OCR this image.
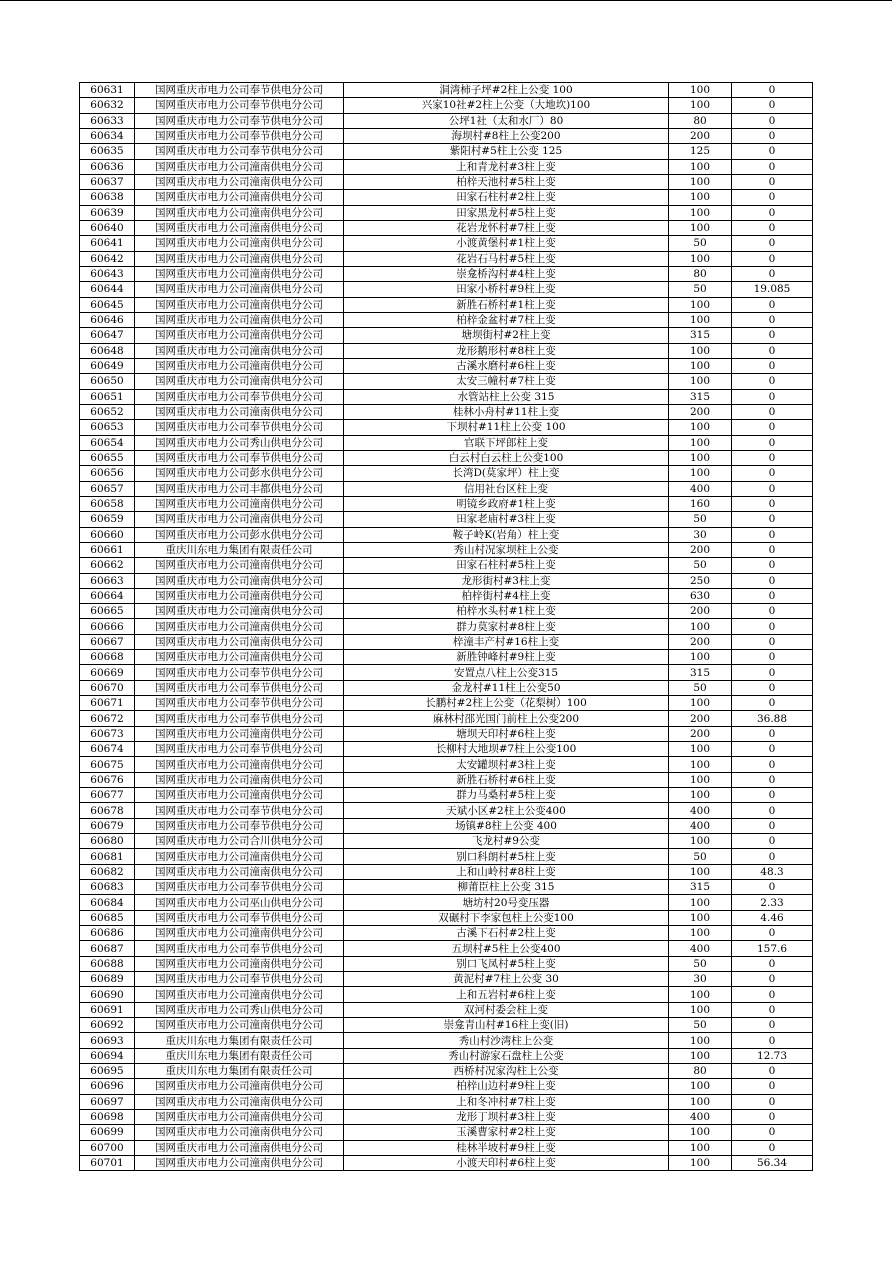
60631	国网重庆市电力公司奉节供电分公司	洞湾柿子坪#2柱上公变 100	100	0
60632	国网重庆市电力公司奉节供电分公司	兴家10社#2柱上公变（大地坎)100	100	0
60633	国网重庆市电力公司奉节供电分公司	公坪1社（太和水厂）80	80	0
60634	国网重庆市电力公司奉节供电分公司	海坝村#8柱上公变200	200	0
60635	国网重庆市电力公司奉节供电分公司	紫阳村#5柱上公变 125	125	0
60636	国网重庆市电力公司潼南供电分公司	上和青龙村#3柱上变	100	0
60637	国网重庆市电力公司潼南供电分公司	柏梓天池村#5柱上变	100	0
60638	国网重庆市电力公司潼南供电分公司	田家石柱村#2柱上变	100	0
60639	国网重庆市电力公司潼南供电分公司	田家黑龙村#5柱上变	100	0
60640	国网重庆市电力公司潼南供电分公司	花岩龙怀村#7柱上变	100	0
60641	国网重庆市电力公司潼南供电分公司	小渡黄堡村#1柱上变	50	0
60642	国网重庆市电力公司潼南供电分公司	花岩石马村#5柱上变	100	0
60643	国网重庆市电力公司潼南供电分公司	崇龛桥沟村#4柱上变	80	0
60644	国网重庆市电力公司潼南供电分公司	田家小桥村#9柱上变	50	19.085
60645	国网重庆市电力公司潼南供电分公司	新胜石桥村#1柱上变	100	0
60646	国网重庆市电力公司潼南供电分公司	柏梓金盆村#7柱上变	100	0
60647	国网重庆市电力公司潼南供电分公司	塘坝街村#2柱上变	315	0
60648	国网重庆市电力公司潼南供电分公司	龙形鹅形村#8柱上变	100	0
60649	国网重庆市电力公司潼南供电分公司	古溪水磨村#6柱上变	100	0
60650	国网重庆市电力公司潼南供电分公司	太安三幢村#7柱上变	100	0
60651	国网重庆市电力公司奉节供电分公司	水管站柱上公变 315	315	0
60652	国网重庆市电力公司潼南供电分公司	桂林小舟村#11柱上变	200	0
60653	国网重庆市电力公司奉节供电分公司	下坝村#11柱上公变 100	100	0
60654	国网重庆市电力公司秀山供电分公司	官联下坪郎柱上变	100	0
60655	国网重庆市电力公司奉节供电分公司	白云村白云柱上公变100	100	0
60656	国网重庆市电力公司彭水供电分公司	长湾D(莫家坪）柱上变	100	0
60657	国网重庆市电力公司丰都供电分公司	信用社台区柱上变	400	0
60658	国网重庆市电力公司潼南供电分公司	明镜乡政府#1柱上变	160	0
60659	国网重庆市电力公司潼南供电分公司	田家老庙村#3柱上变	50	0
60660	国网重庆市电力公司彭水供电分公司	鞍子岭K(岩角）柱上变	30	0
60661	重庆川东电力集团有限责任公司	秀山村况家坝柱上公变	200	0
60662	国网重庆市电力公司潼南供电分公司	田家石柱村#5柱上变	50	0
60663	国网重庆市电力公司潼南供电分公司	龙形街村#3柱上变	250	0
60664	国网重庆市电力公司潼南供电分公司	柏梓街村#4柱上变	630	0
60665	国网重庆市电力公司潼南供电分公司	柏梓水头村#1柱上变	200	0
60666	国网重庆市电力公司潼南供电分公司	群力莫家村#8柱上变	100	0
60667	国网重庆市电力公司潼南供电分公司	梓潼丰产村#16柱上变	200	0
60668	国网重庆市电力公司潼南供电分公司	新胜钟峰村#9柱上变	100	0
60669	国网重庆市电力公司奉节供电分公司	安置点八柱上公变315	315	0
60670	国网重庆市电力公司奉节供电分公司	金龙村#11柱上公变50	50	0
60671	国网重庆市电力公司奉节供电分公司	长鹏村#2柱上公变（花梨树）100	100	0
60672	国网重庆市电力公司奉节供电分公司	麻林村邵光国门前柱上公变200	200	36.88
60673	国网重庆市电力公司潼南供电分公司	塘坝天印村#6柱上变	200	0
60674	国网重庆市电力公司奉节供电分公司	长柳村大地坝#7柱上公变100	100	0
60675	国网重庆市电力公司潼南供电分公司	太安罐坝村#3柱上变	100	0
60676	国网重庆市电力公司潼南供电分公司	新胜石桥村#6柱上变	100	0
60677	国网重庆市电力公司潼南供电分公司	群力马桑村#5柱上变	100	0
60678	国网重庆市电力公司奉节供电分公司	天斌小区#2柱上公变400	400	0
60679	国网重庆市电力公司奉节供电分公司	场镇#8柱上公变 400	400	0
60680	国网重庆市电力公司合川供电分公司	飞龙村#9公变	100	0
60681	国网重庆市电力公司潼南供电分公司	别口科朗村#5柱上变	50	0
60682	国网重庆市电力公司潼南供电分公司	上和山岭村#8柱上变	100	48.3
60683	国网重庆市电力公司奉节供电分公司	柳莆臣柱上公变 315	315	0
60684	国网重庆市电力公司巫山供电分公司	塘坊村20号变压器	100	2.33
60685	国网重庆市电力公司奉节供电分公司	双碾村下李家包柱上公变100	100	4.46
60686	国网重庆市电力公司潼南供电分公司	古溪下石村#2柱上变	100	0
60687	国网重庆市电力公司奉节供电分公司	五坝村#5柱上公变400	400	157.6
60688	国网重庆市电力公司潼南供电分公司	别口飞凤村#5柱上变	50	0
60689	国网重庆市电力公司奉节供电分公司	黄泥村#7柱上公变 30	30	0
60690	国网重庆市电力公司潼南供电分公司	上和五岩村#6柱上变	100	0
60691	国网重庆市电力公司秀山供电分公司	双河村委会柱上变	100	0
60692	国网重庆市电力公司潼南供电分公司	崇龛青山村#16柱上变(旧)	50	0
60693	重庆川东电力集团有限责任公司	秀山村沙湾柱上公变	100	0
60694	重庆川东电力集团有限责任公司	秀山村游家石盘柱上公变	100	12.73
60695	重庆川东电力集团有限责任公司	西桥村况家沟柱上公变	80	0
60696	国网重庆市电力公司潼南供电分公司	柏梓山边村#9柱上变	100	0
60697	国网重庆市电力公司潼南供电分公司	上和冬冲村#7柱上变	100	0
60698	国网重庆市电力公司潼南供电分公司	龙形丁坝村#3柱上变	400	0
60699	国网重庆市电力公司潼南供电分公司	玉溪曹家村#2柱上变	100	0
60700	国网重庆市电力公司潼南供电分公司	桂林半坡村#9柱上变	100	0
60701	国网重庆市电力公司潼南供电分公司	小渡天印村#6柱上变	100	56.34
